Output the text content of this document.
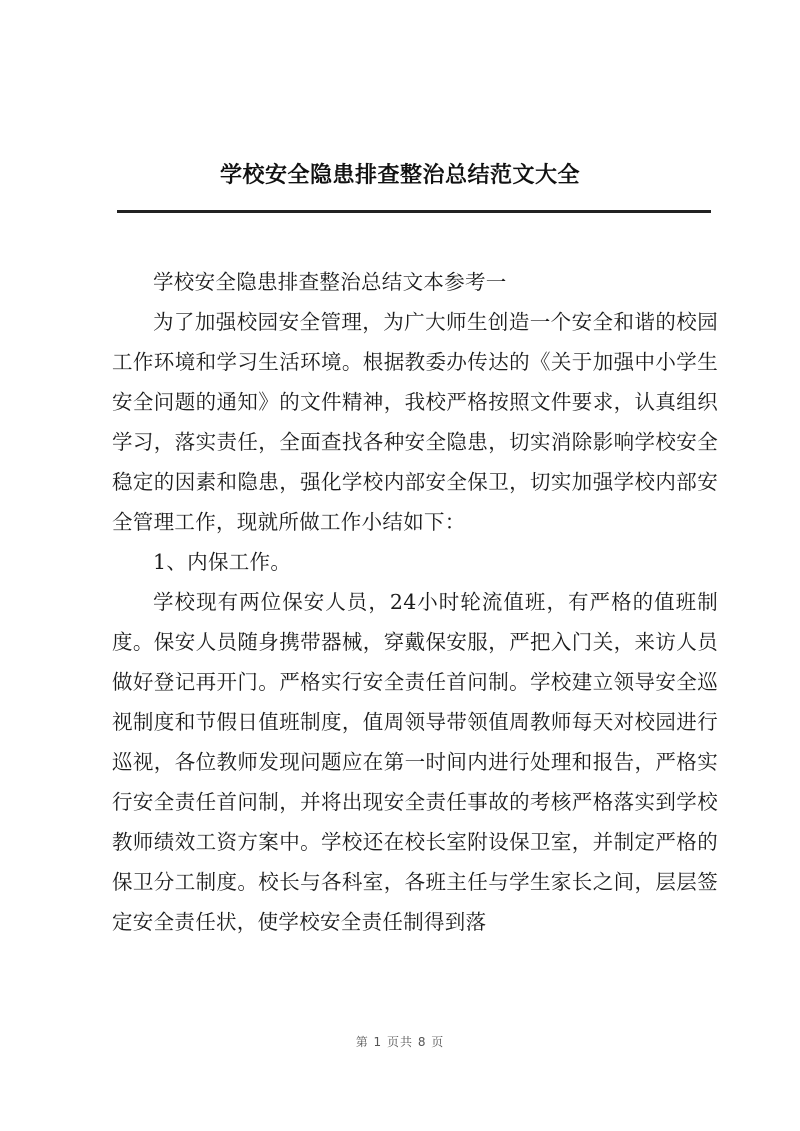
学校安全隐患排查整治总结范文大全

学校安全隐患排查整治总结文本参考一

为了加强校园安全管理，为广大师生创造一个安全和谐的校园工作环境和学习生活环境。根据教委办传达的《关于加强中小学生安全问题的通知》的文件精神，我校严格按照文件要求，认真组织学习，落实责任，全面查找各种安全隐患，切实消除影响学校安全稳定的因素和隐患，强化学校内部安全保卫，切实加强学校内部安全管理工作，现就所做工作小结如下：

1、内保工作。

学校现有两位保安人员，24小时轮流值班，有严格的值班制度。保安人员随身携带器械，穿戴保安服，严把入门关，来访人员做好登记再开门。严格实行安全责任首问制。学校建立领导安全巡视制度和节假日值班制度，值周领导带领值周教师每天对校园进行巡视，各位教师发现问题应在第一时间内进行处理和报告，严格实行安全责任首问制，并将出现安全责任事故的考核严格落实到学校教师绩效工资方案中。学校还在校长室附设保卫室，并制定严格的保卫分工制度。校长与各科室，各班主任与学生家长之间，层层签定安全责任状，使学校安全责任制得到落

第 1 页共 8 页
